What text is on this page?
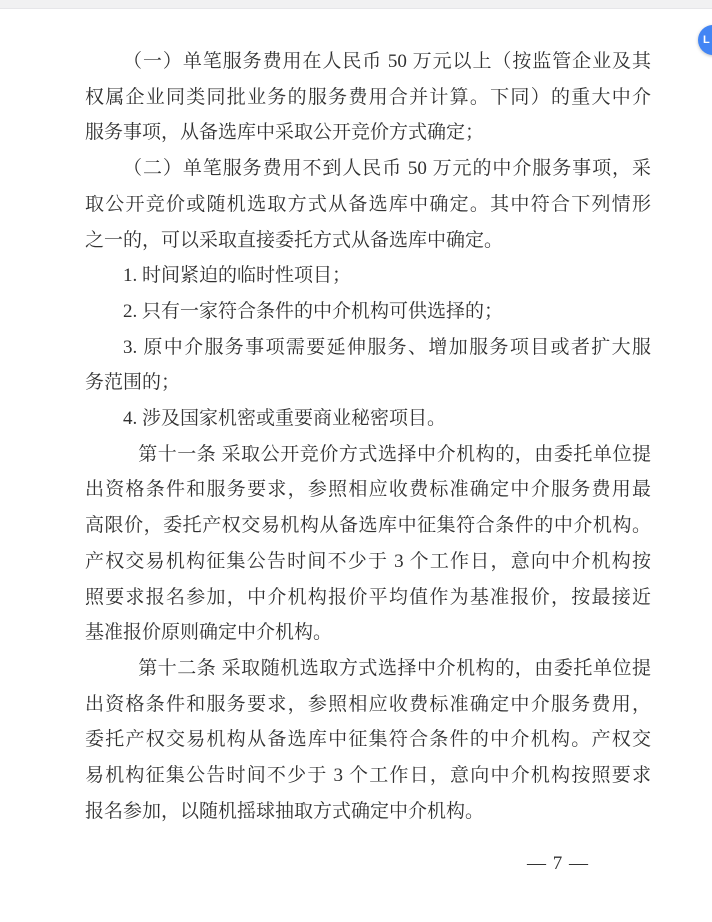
L

（一）单笔服务费用在人民币 50 万元以上（按监管企业及其
权属企业同类同批业务的服务费用合并计算。下同）的重大中介
服务事项，从备选库中采取公开竞价方式确定；

（二）单笔服务费用不到人民币 50 万元的中介服务事项，采
取公开竞价或随机选取方式从备选库中确定。其中符合下列情形
之一的，可以采取直接委托方式从备选库中确定。

1. 时间紧迫的临时性项目；

2. 只有一家符合条件的中介机构可供选择的；

3. 原中介服务事项需要延伸服务、增加服务项目或者扩大服
务范围的；

4. 涉及国家机密或重要商业秘密项目。

第十一条 采取公开竞价方式选择中介机构的，由委托单位提
出资格条件和服务要求，参照相应收费标准确定中介服务费用最
高限价，委托产权交易机构从备选库中征集符合条件的中介机构。
产权交易机构征集公告时间不少于 3 个工作日，意向中介机构按
照要求报名参加，中介机构报价平均值作为基准报价，按最接近
基准报价原则确定中介机构。

第十二条 采取随机选取方式选择中介机构的，由委托单位提
出资格条件和服务要求，参照相应收费标准确定中介服务费用，
委托产权交易机构从备选库中征集符合条件的中介机构。产权交
易机构征集公告时间不少于 3 个工作日，意向中介机构按照要求
报名参加，以随机摇球抽取方式确定中介机构。

— 7 —
